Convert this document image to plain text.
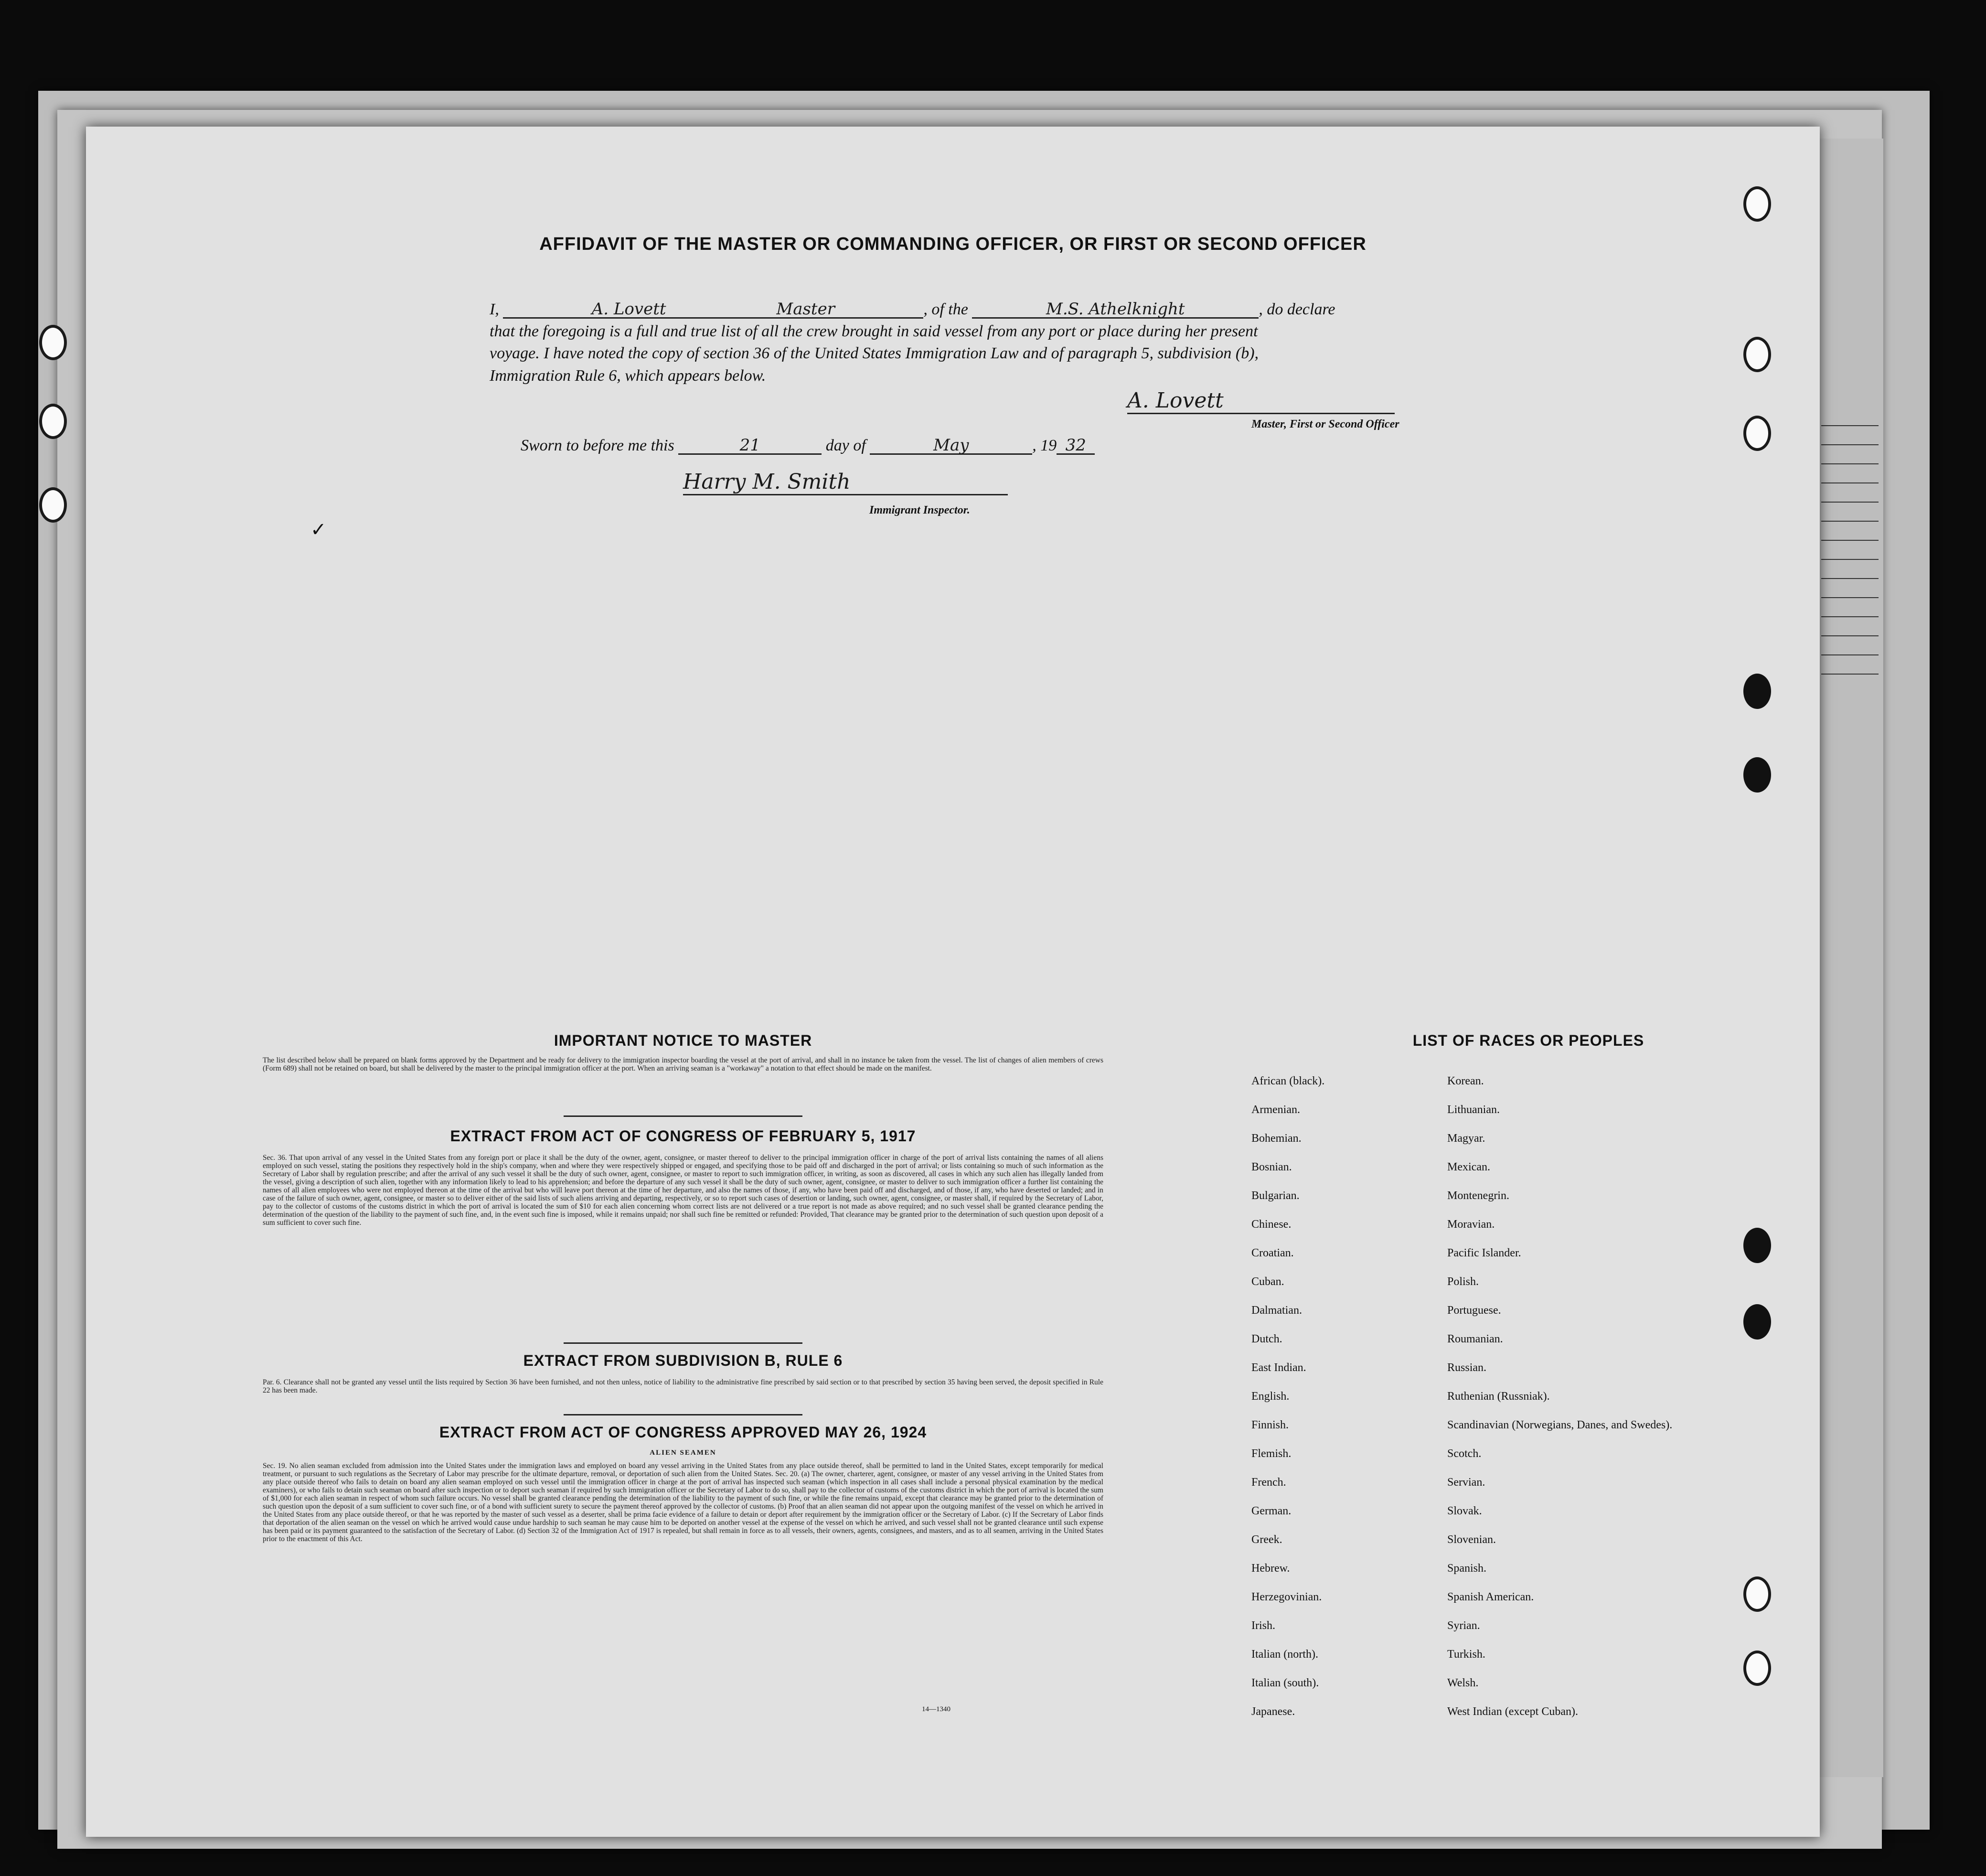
AFFIDAVIT OF THE MASTER OR COMMANDING OFFICER, OR FIRST OR SECOND OFFICER
I,	A. Lovett	Master	, of the	M.S. Athelknight	, do declare
that the foregoing is a full and true list of all the crew brought in said vessel from any port or place during her present
voyage. I have noted the copy of section 36 of the United States Immigration Law and of paragraph 5, subdivision (b),
Immigration Rule 6, which appears below.
A. Lovett
Master, First or Second Officer
Sworn to before me this	21	day of	May	, 19 32
Harry M. Smith
Immigrant Inspector.
✓
IMPORTANT NOTICE TO MASTER
The list described below shall be prepared on blank forms approved by the Department and be ready for delivery to the immigration inspector boarding the vessel at the port of arrival, and shall in no instance be taken from the vessel. The list of changes of alien members of crews (Form 689) shall not be retained on board, but shall be delivered by the master to the principal immigration officer at the port. When an arriving seaman is a "workaway" a notation to that effect should be made on the manifest.
EXTRACT FROM ACT OF CONGRESS OF FEBRUARY 5, 1917
Sec. 36. That upon arrival of any vessel in the United States from any foreign port or place it shall be the duty of the owner, agent, consignee, or master thereof to deliver to the principal immigration officer in charge of the port of arrival lists containing the names of all aliens employed on such vessel, stating the positions they respectively hold in the ship's company, when and where they were respectively shipped or engaged, and specifying those to be paid off and discharged in the port of arrival; or lists containing so much of such information as the Secretary of Labor shall by regulation prescribe; and after the arrival of any such vessel it shall be the duty of such owner, agent, consignee, or master to report to such immigration officer, in writing, as soon as discovered, all cases in which any such alien has illegally landed from the vessel, giving a description of such alien, together with any information likely to lead to his apprehension; and before the departure of any such vessel it shall be the duty of such owner, agent, consignee, or master to deliver to such immigration officer a further list containing the names of all alien employees who were not employed thereon at the time of the arrival but who will leave port thereon at the time of her departure, and also the names of those, if any, who have been paid off and discharged, and of those, if any, who have deserted or landed; and in case of the failure of such owner, agent, consignee, or master so to deliver either of the said lists of such aliens arriving and departing, respectively, or so to report such cases of desertion or landing, such owner, agent, consignee, or master shall, if required by the Secretary of Labor, pay to the collector of customs of the customs district in which the port of arrival is located the sum of $10 for each alien concerning whom correct lists are not delivered or a true report is not made as above required; and no such vessel shall be granted clearance pending the determination of the question of the liability to the payment of such fine, and, in the event such fine is imposed, while it remains unpaid; nor shall such fine be remitted or refunded: Provided, That clearance may be granted prior to the determination of such question upon deposit of a sum sufficient to cover such fine.
EXTRACT FROM SUBDIVISION B, RULE 6
Par. 6. Clearance shall not be granted any vessel until the lists required by Section 36 have been furnished, and not then unless, notice of liability to the administrative fine prescribed by said section or to that prescribed by section 35 having been served, the deposit specified in Rule 22 has been made.
EXTRACT FROM ACT OF CONGRESS APPROVED MAY 26, 1924
ALIEN SEAMEN
Sec. 19. No alien seaman excluded from admission into the United States under the immigration laws and employed on board any vessel arriving in the United States from any place outside thereof, shall be permitted to land in the United States, except temporarily for medical treatment, or pursuant to such regulations as the Secretary of Labor may prescribe for the ultimate departure, removal, or deportation of such alien from the United States. Sec. 20. (a) The owner, charterer, agent, consignee, or master of any vessel arriving in the United States from any place outside thereof who fails to detain on board any alien seaman employed on such vessel until the immigration officer in charge at the port of arrival has inspected such seaman (which inspection in all cases shall include a personal physical examination by the medical examiners), or who fails to detain such seaman on board after such inspection or to deport such seaman if required by such immigration officer or the Secretary of Labor to do so, shall pay to the collector of customs of the customs district in which the port of arrival is located the sum of $1,000 for each alien seaman in respect of whom such failure occurs. No vessel shall be granted clearance pending the determination of the liability to the payment of such fine, or while the fine remains unpaid, except that clearance may be granted prior to the determination of such question upon the deposit of a sum sufficient to cover such fine, or of a bond with sufficient surety to secure the payment thereof approved by the collector of customs. (b) Proof that an alien seaman did not appear upon the outgoing manifest of the vessel on which he arrived in the United States from any place outside thereof, or that he was reported by the master of such vessel as a deserter, shall be prima facie evidence of a failure to detain or deport after requirement by the immigration officer or the Secretary of Labor. (c) If the Secretary of Labor finds that deportation of the alien seaman on the vessel on which he arrived would cause undue hardship to such seaman he may cause him to be deported on another vessel at the expense of the vessel on which he arrived, and such vessel shall not be granted clearance until such expense has been paid or its payment guaranteed to the satisfaction of the Secretary of Labor. (d) Section 32 of the Immigration Act of 1917 is repealed, but shall remain in force as to all vessels, their owners, agents, consignees, and masters, and as to all seamen, arriving in the United States prior to the enactment of this Act.
14—1340
LIST OF RACES OR PEOPLES
African (black).	Korean.
Armenian.	Lithuanian.
Bohemian.	Magyar.
Bosnian.	Mexican.
Bulgarian.	Montenegrin.
Chinese.	Moravian.
Croatian.	Pacific Islander.
Cuban.	Polish.
Dalmatian.	Portuguese.
Dutch.	Roumanian.
East Indian.	Russian.
English.	Ruthenian (Russniak).
Finnish.	Scandinavian (Norwegians, Danes, and Swedes).
Flemish.	Scotch.
French.	Servian.
German.	Slovak.
Greek.	Slovenian.
Hebrew.	Spanish.
Herzegovinian.	Spanish American.
Irish.	Syrian.
Italian (north).	Turkish.
Italian (south).	Welsh.
Japanese.	West Indian (except Cuban).
